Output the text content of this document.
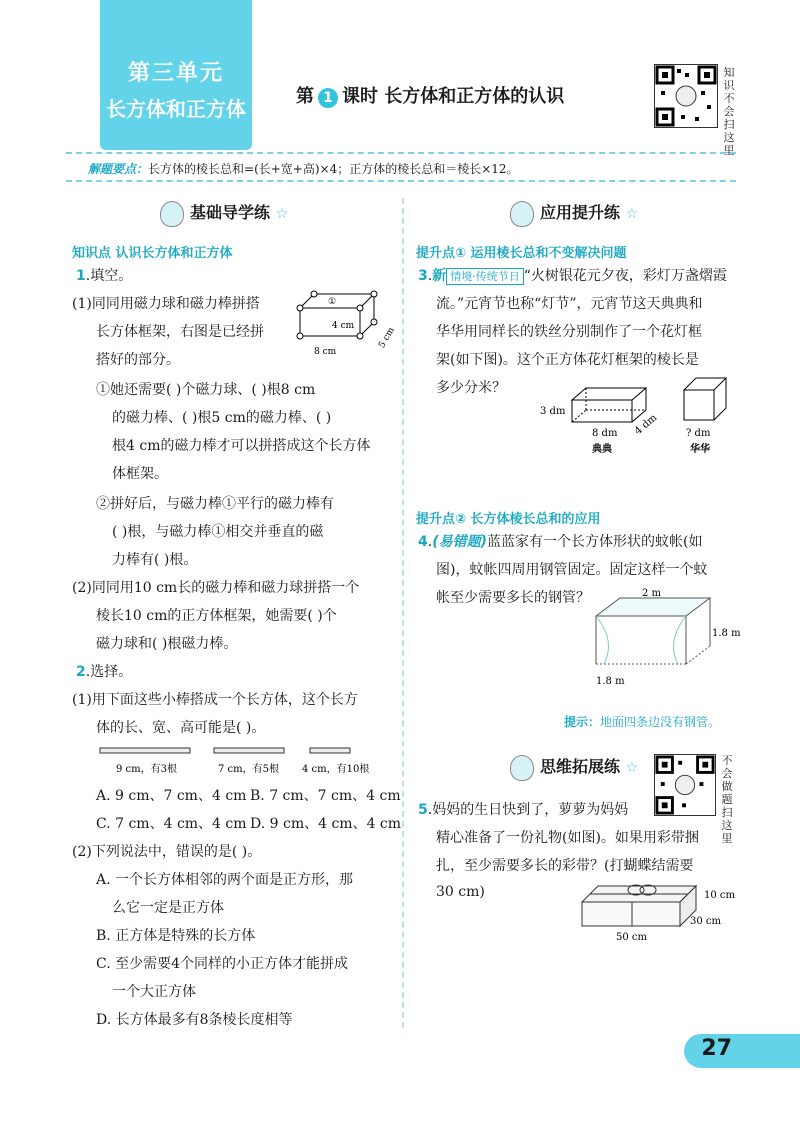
第三单元
长方体和正方体
第 1 课时 长方体和正方体的认识
知识不会扫这里
解题要点：长方体的棱长总和=(长+宽+高)×4；正方体的棱长总和＝棱长×12。
基础导学练 ☆
知识点 认识长方体和正方体
1.填空。
(1)同同用磁力球和磁力棒拼搭
长方体框架，右图是已经拼
搭好的部分。
①
4 cm
8 cm
5 cm
①她还需要( )个磁力球、( )根8 cm
的磁力棒、( )根5 cm的磁力棒、( )
根4 cm的磁力棒才可以拼搭成这个长方体
体框架。
②拼好后，与磁力棒①平行的磁力棒有
( )根，与磁力棒①相交并垂直的磁
力棒有( )根。
(2)同同用10 cm长的磁力棒和磁力球拼搭一个
棱长10 cm的正方体框架，她需要( )个
磁力球和( )根磁力棒。
2.选择。
(1)用下面这些小棒搭成一个长方体，这个长方
体的长、宽、高可能是( )。
9 cm，有3根	7 cm，有5根 4 cm，有10根
A. 9 cm、7 cm、4 cm B. 7 cm、7 cm、4 cm
C. 7 cm、4 cm、4 cm D. 9 cm、4 cm、4 cm
(2)下列说法中，错误的是( )。
A. 一个长方体相邻的两个面是正方形，那
么它一定是正方体
B. 正方体是特殊的长方体
C. 至少需要4个同样的小正方体才能拼成
一个大正方体
D. 长方体最多有8条棱长度相等
应用提升练 ☆
提升点① 运用棱长总和不变解决问题
3.新 情境·传统节日 “火树银花元夕夜，彩灯万盏熠霞
流。”元宵节也称“灯节”，元宵节这天典典和
华华用同样长的铁丝分别制作了一个花灯框
架(如下图)。这个正方体花灯框架的棱长是
多少分米？
3 dm
8 dm 4 dm
典典
? dm
华华
提升点② 长方体棱长总和的应用
4.(易错题)蓝蓝家有一个长方体形状的蚊帐(如
图)，蚊帐四周用钢管固定。固定这样一个蚊
帐至少需要多长的钢管？	2 m
1.8 m
1.8 m
提示：地面四条边没有钢管。
思维拓展练 ☆	不会做题扫这里
5.妈妈的生日快到了，萝萝为妈妈
精心准备了一份礼物(如图)。如果用彩带捆
扎，至少需要多长的彩带？(打蝴蝶结需要
30 cm)	10 cm
30 cm
50 cm
27
